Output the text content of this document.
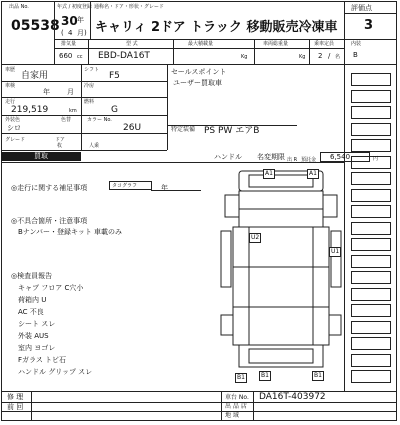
出品 No.
05538
年式 / 初度登録
30 年
( 4 月 )
通称名・ドア・形状・グレード
キャリィ 2ドア トラック 移動販売冷凍車
評価点
3
内装
B
排気量
660 cc
型 式
EBD-DA16T
最大積載量
Kg
車両総重量
Kg
乗車定員
2 / 名
車歴
自家用
シフト
F5
車検
年 月
冷房
走行
219,519	km
燃料
G
外装色
シロ
色替	カラー No.
26U
グレード	ドア
枚	人乗
セールスポイント
ユーザー買取車
特定装備 PS PW エアB
買取	ハンドル 名変期限 出 R 預託金 6,540	円
◎走行に関する補足事項	タコグラフ	年
◎不具合箇所・注意事項
Bナンバー・登録キット 車載のみ
◎検査員報告
キャブ フロア C穴小
荷箱内 U
AC 不良
シート スレ
外装 AUS
室内 ヨゴレ
Fガラス トビ石
ハンドル グリップ スレ
A1	A1
U2
U1
B1	B1	B1
修 理
前 回
車台 No. DA16T-403972
出 品 店
地 域
